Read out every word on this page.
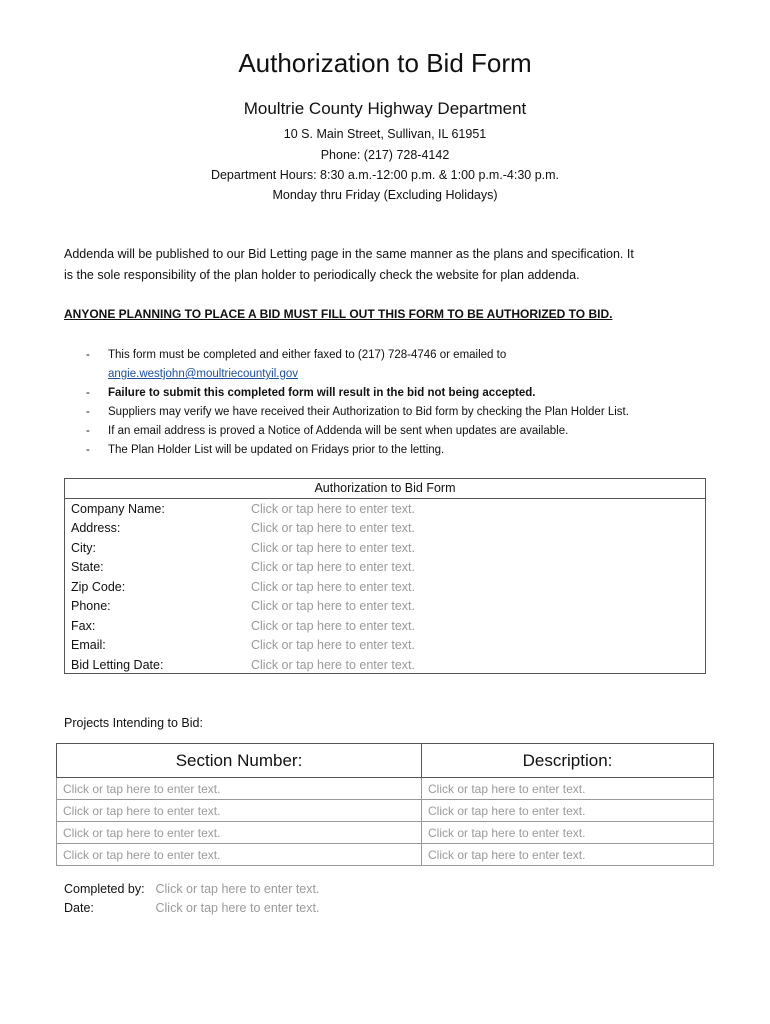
Authorization to Bid Form
Moultrie County Highway Department
10 S. Main Street, Sullivan, IL 61951
Phone: (217) 728-4142
Department Hours: 8:30 a.m.-12:00 p.m. & 1:00 p.m.-4:30 p.m.
Monday thru Friday (Excluding Holidays)
Addenda will be published to our Bid Letting page in the same manner as the plans and specification. It
is the sole responsibility of the plan holder to periodically check the website for plan addenda.
ANYONE PLANNING TO PLACE A BID MUST FILL OUT THIS FORM TO BE AUTHORIZED TO BID.
- This form must be completed and either faxed to (217) 728-4746 or emailed to
angie.westjohn@moultriecountyil.gov
- Failure to submit this completed form will result in the bid not being accepted.
- Suppliers may verify we have received their Authorization to Bid form by checking the Plan Holder List.
- If an email address is proved a Notice of Addenda will be sent when updates are available.
- The Plan Holder List will be updated on Fridays prior to the letting.
Authorization to Bid Form
Company Name:	Click or tap here to enter text.
Address:	Click or tap here to enter text.
City:	Click or tap here to enter text.
State:	Click or tap here to enter text.
Zip Code:	Click or tap here to enter text.
Phone:	Click or tap here to enter text.
Fax:	Click or tap here to enter text.
Email:	Click or tap here to enter text.
Bid Letting Date:	Click or tap here to enter text.
Projects Intending to Bid:
Section Number:	Description:
Click or tap here to enter text.	Click or tap here to enter text.
Click or tap here to enter text.	Click or tap here to enter text.
Click or tap here to enter text.	Click or tap here to enter text.
Click or tap here to enter text.	Click or tap here to enter text.
Completed by: Click or tap here to enter text.
Date:	Click or tap here to enter text.
